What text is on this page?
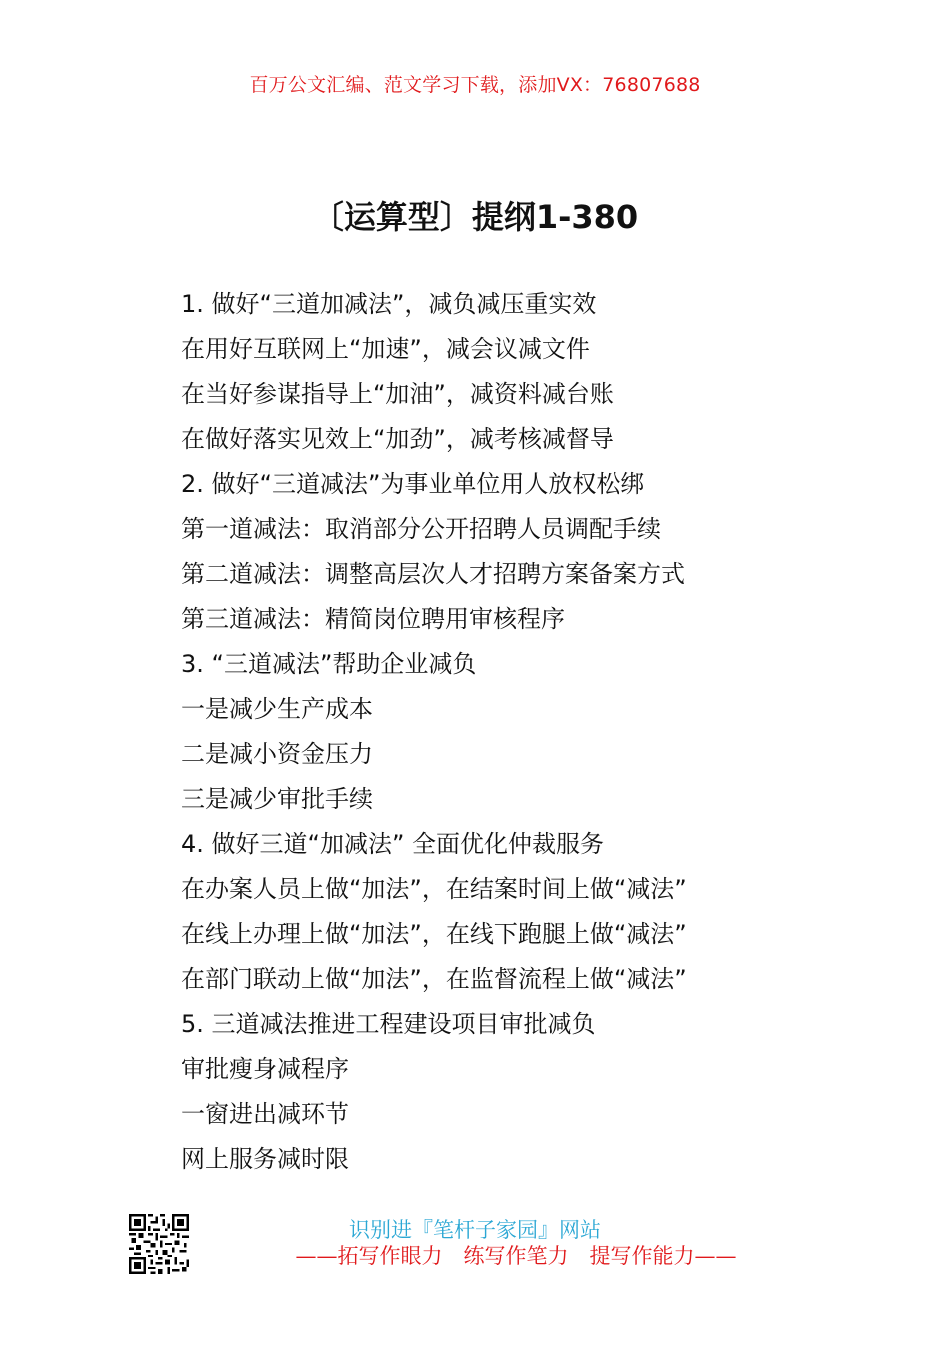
百万公文汇编、范文学习下载，添加VX：76807688
〔运算型〕提纲1-380
1. 做好“三道加减法”，减负减压重实效
在用好互联网上“加速”，减会议减文件
在当好参谋指导上“加油”，减资料减台账
在做好落实见效上“加劲”，减考核减督导
2. 做好“三道减法”为事业单位用人放权松绑
第一道减法：取消部分公开招聘人员调配手续
第二道减法：调整高层次人才招聘方案备案方式
第三道减法：精简岗位聘用审核程序
3. “三道减法”帮助企业减负
一是减少生产成本
二是减小资金压力
三是减少审批手续
4. 做好三道“加减法” 全面优化仲裁服务
在办案人员上做“加法”，在结案时间上做“减法”
在线上办理上做“加法”，在线下跑腿上做“减法”
在部门联动上做“加法”，在监督流程上做“减法”
5. 三道减法推进工程建设项目审批减负
审批瘦身减程序
一窗进出减环节
网上服务减时限
识别进『笔杆子家园』网站
——拓写作眼力　练写作笔力　提写作能力——
